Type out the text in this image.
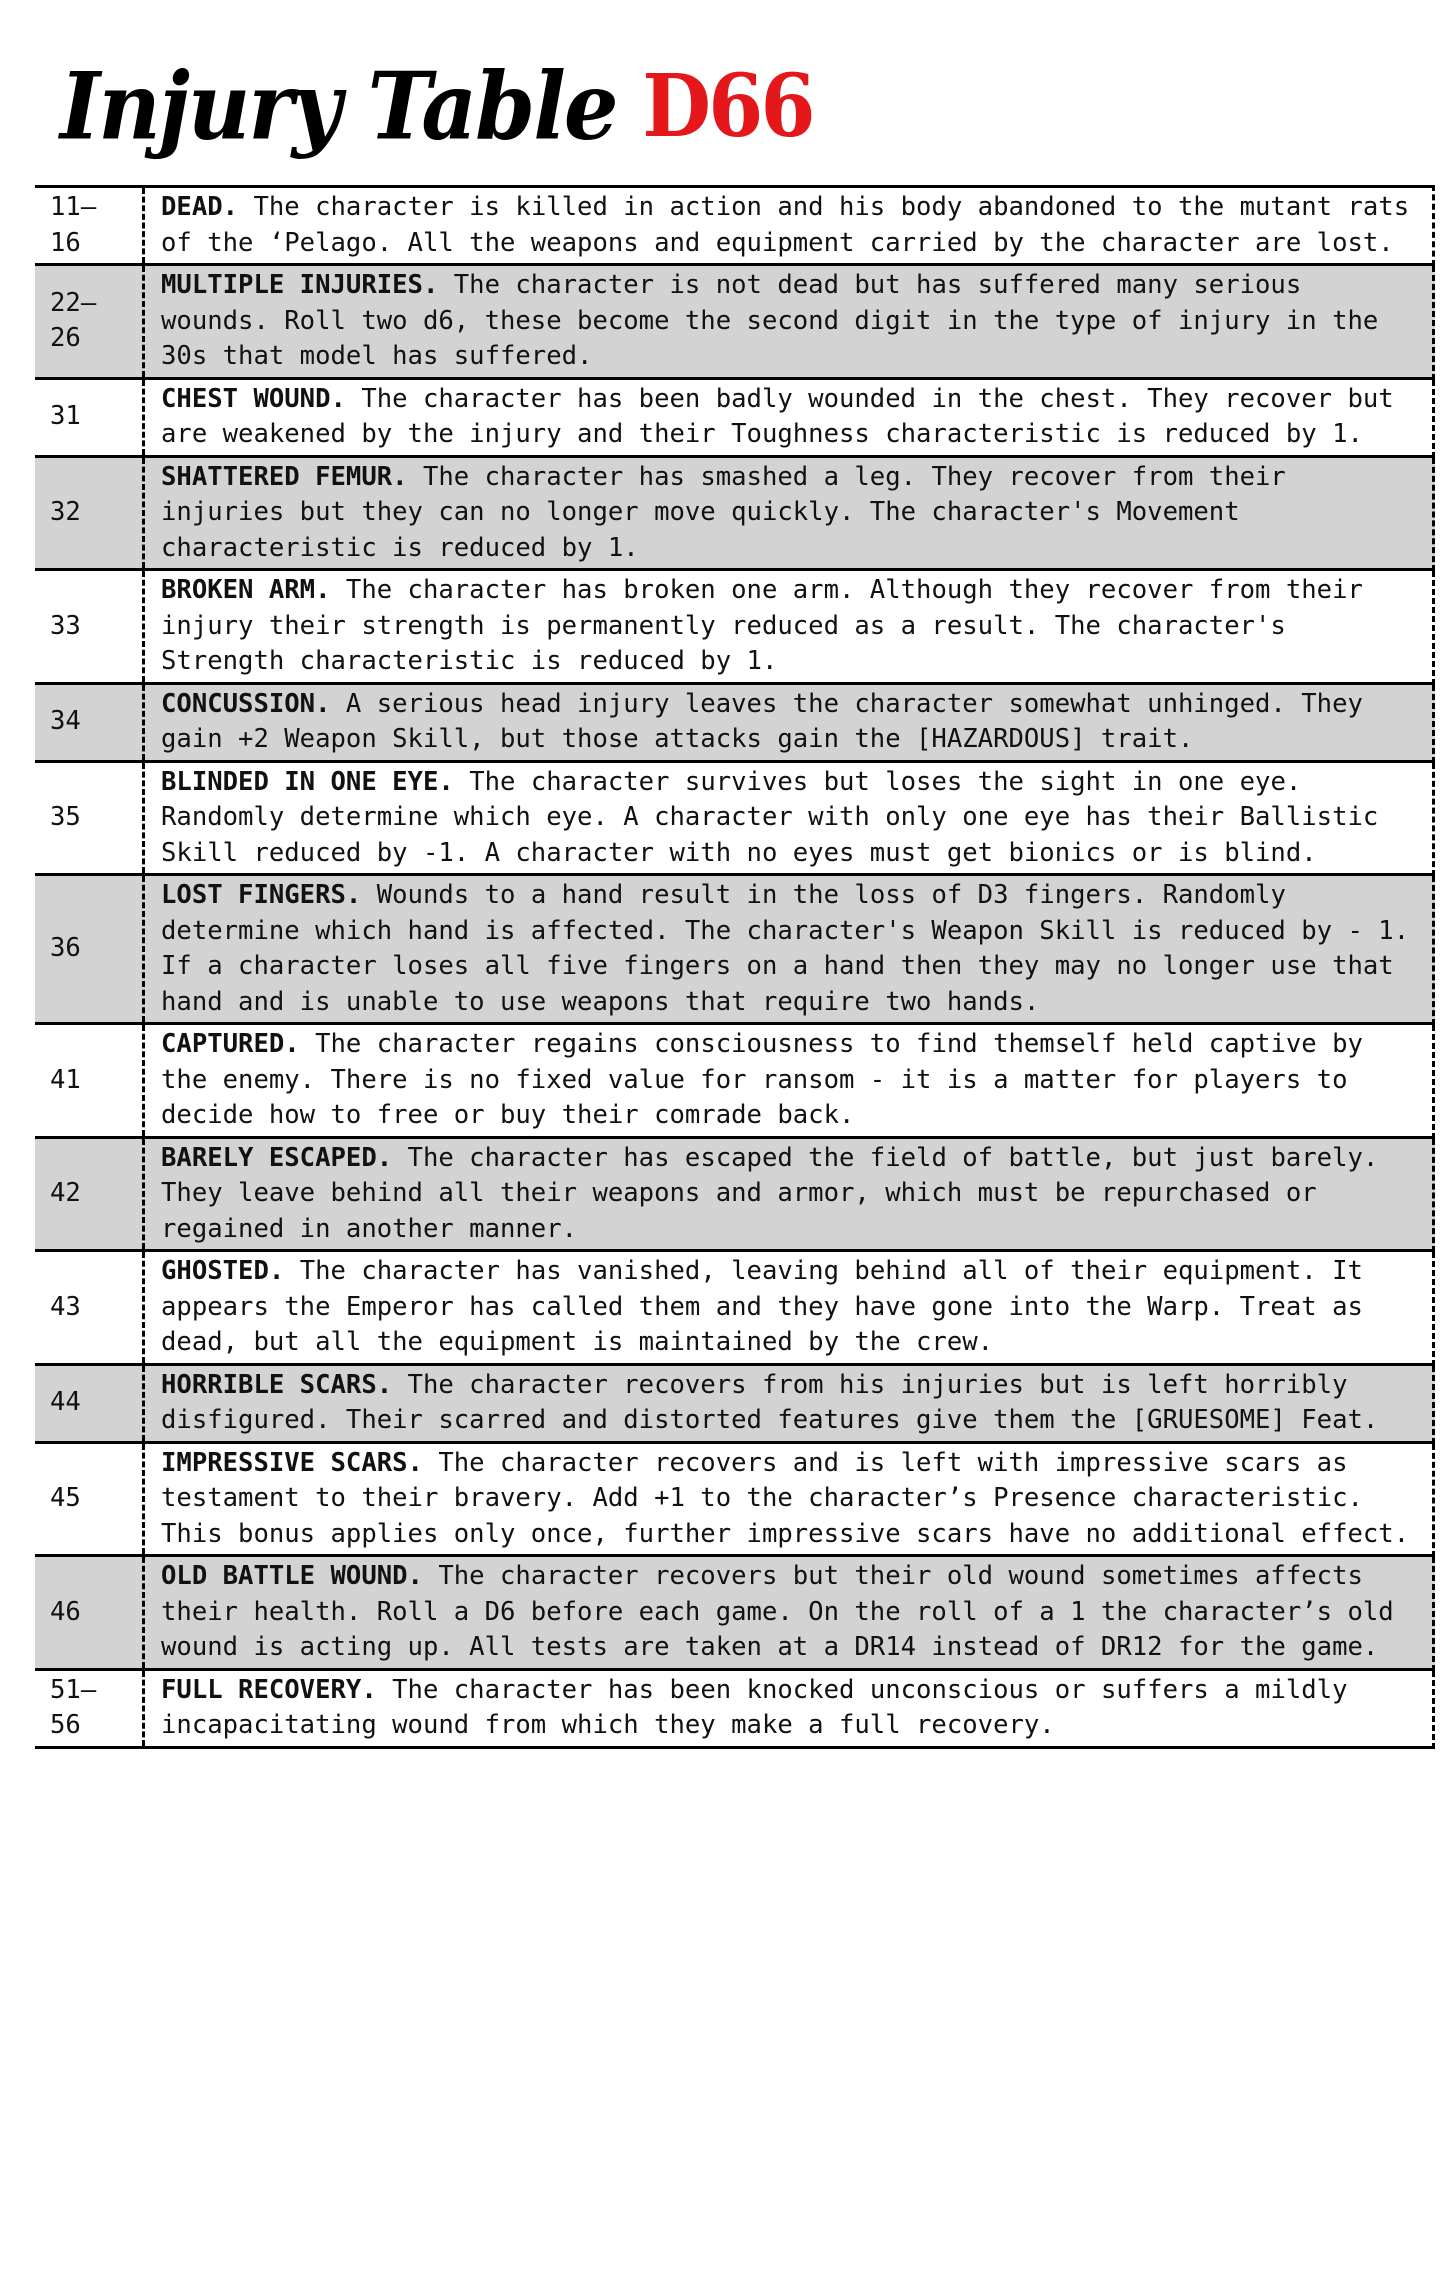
Injury Table D66
11–
16
DEAD. The character is killed in action and his body abandoned to the mutant rats of the ‘Pelago. All the weapons and equipment carried by the character are lost.
22–
26
MULTIPLE INJURIES. The character is not dead but has suffered many serious wounds. Roll two d6, these become the second digit in the type of injury in the 30s that model has suffered.
31
CHEST WOUND. The character has been badly wounded in the chest. They recover but are weakened by the injury and their Toughness characteristic is reduced by 1.
32
SHATTERED FEMUR. The character has smashed a leg. They recover from their injuries but they can no longer move quickly. The character's Movement characteristic is reduced by 1.
33
BROKEN ARM. The character has broken one arm. Although they recover from their injury their strength is permanently reduced as a result. The character's Strength characteristic is reduced by 1.
34
CONCUSSION. A serious head injury leaves the character somewhat unhinged. They gain +2 Weapon Skill, but those attacks gain the [HAZARDOUS] trait.
35
BLINDED IN ONE EYE. The character survives but loses the sight in one eye. Randomly determine which eye. A character with only one eye has their Ballistic Skill reduced by -1. A character with no eyes must get bionics or is blind.
36
LOST FINGERS. Wounds to a hand result in the loss of D3 fingers. Randomly determine which hand is affected. The character's Weapon Skill is reduced by - 1. If a character loses all five fingers on a hand then they may no longer use that hand and is unable to use weapons that require two hands.
41
CAPTURED. The character regains consciousness to find themself held captive by the enemy. There is no fixed value for ransom - it is a matter for players to decide how to free or buy their comrade back.
42
BARELY ESCAPED. The character has escaped the field of battle, but just barely. They leave behind all their weapons and armor, which must be repurchased or regained in another manner.
43
GHOSTED. The character has vanished, leaving behind all of their equipment. It appears the Emperor has called them and they have gone into the Warp. Treat as dead, but all the equipment is maintained by the crew.
44
HORRIBLE SCARS. The character recovers from his injuries but is left horribly disfigured. Their scarred and distorted features give them the [GRUESOME] Feat.
45
IMPRESSIVE SCARS. The character recovers and is left with impressive scars as testament to their bravery. Add +1 to the character’s Presence characteristic. This bonus applies only once, further impressive scars have no additional effect.
46
OLD BATTLE WOUND. The character recovers but their old wound sometimes affects their health. Roll a D6 before each game. On the roll of a 1 the character’s old wound is acting up. All tests are taken at a DR14 instead of DR12 for the game.
51–
56
FULL RECOVERY. The character has been knocked unconscious or suffers a mildly incapacitating wound from which they make a full recovery.
